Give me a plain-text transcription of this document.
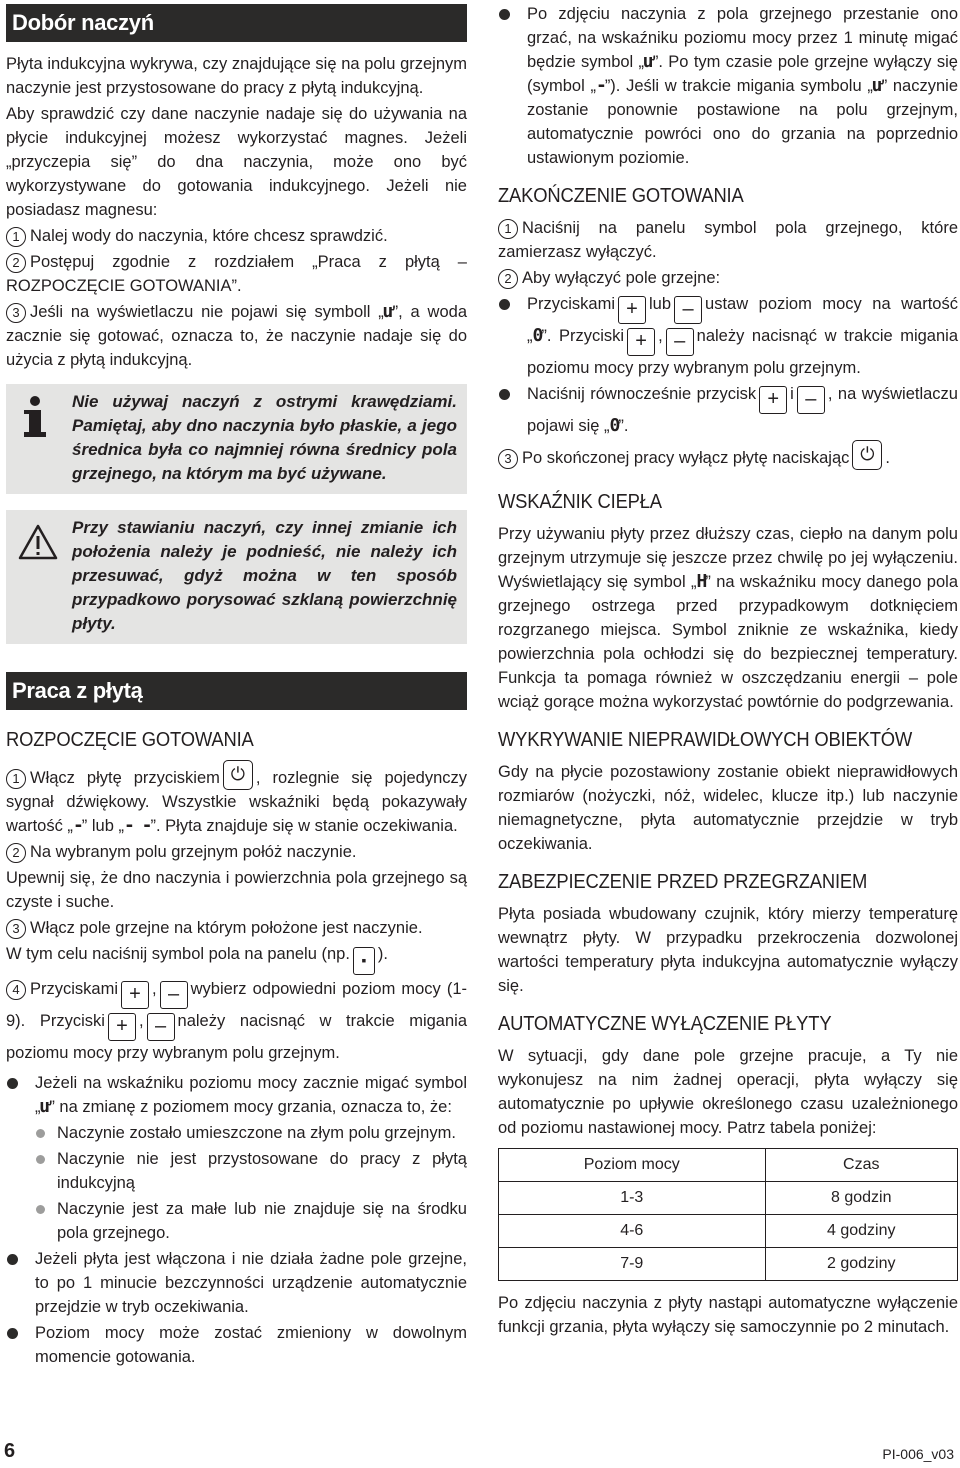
Dobór naczyń

Płyta indukcyjna wykrywa, czy znajdujące się na polu grzejnym naczynie jest przystosowane do pracy z płytą indukcyjną.

Aby sprawdzić czy dane naczynie nadaje się do używania na płycie indukcyjnej możesz wykorzystać magnes. Jeżeli „przyczepia się” do dna naczynia, może ono być wykorzystywane do gotowania indukcyjnego. Jeżeli nie posiadasz magnesu:

1 Nalej wody do naczynia, które chcesz sprawdzić.

2 Postępuj zgodnie z rozdziałem „Praca z płytą – ROZPOCZĘCIE GOTOWANIA”.

3 Jeśli na wyświetlaczu nie pojawi się symboll „ư”, a woda zacznie się gotować, oznacza to, że naczynie nadaje się do użycia z płytą indukcyjną.

Nie używaj naczyń z ostrymi krawędziami. Pamiętaj, aby dno naczynia było płaskie, a jego średnica była co najmniej równa średnicy pola grzejnego, na którym ma być używane.
Przy stawianiu naczyń, czy innej zmianie ich położenia należy je podnieść, nie należy ich przesuwać, gdyż można w ten sposób przypadkowo porysować szklaną powierzchnię płyty.
Praca z płytą
ROZPOCZĘCIE GOTOWANIA

1 Włącz płytę przyciskiem ⏻ , rozlegnie się pojedynczy sygnał dźwiękowy. Wszystkie wskaźniki będą pokazywały wartość „-” lub „- -”. Płyta znajduje się w stanie oczekiwania.

2 Na wybranym polu grzejnym połóż naczynie.

Upewnij się, że dno naczynia i powierzchnia pola grzejnego są czyste i suche.

3 Włącz pole grzejne na którym położone jest naczynie.

W tym celu naciśnij symbol pola na panelu (np. ▪ ).

4 Przyciskami + , – wybierz odpowiedni poziom mocy (1-9). Przyciski + , – należy nacisnąć w trakcie migania poziomu mocy przy wybranym polu grzejnym.

Jeżeli na wskaźniku poziomu mocy zacznie migać symbol „ư” na zmianę z poziomem mocy grzania, oznacza to, że:

Naczynie zostało umieszczone na złym polu grzejnym.

Naczynie nie jest przystosowane do pracy z płytą indukcyjną

Naczynie jest za małe lub nie znajduje się na środku pola grzejnego.

Jeżeli płyta jest włączona i nie działa żadne pole grzejne, to po 1 minucie bezczynności urządzenie automatycznie przejdzie w tryb oczekiwania.

Poziom mocy może zostać zmieniony w dowolnym momencie gotowania.

Po zdjęciu naczynia z pola grzejnego przestanie ono grzać, na wskaźniku poziomu mocy przez 1 minutę migać będzie symbol „ư”. Po tym czasie pole grzejne wyłączy się (symbol „-”). Jeśli w trakcie migania symbolu „ư” naczynie zostanie ponownie postawione na polu grzejnym, automatycznie powróci ono do grzania na poprzednio ustawionym poziomie.

ZAKOŃCZENIE GOTOWANIA

1 Naciśnij na panelu symbol pola grzejnego, które zamierzasz wyłączyć.

2 Aby wyłączyć pole grzejne:

Przyciskami + lub – ustaw poziom mocy na wartość „0”. Przyciski + , – należy nacisnąć w trakcie migania poziomu mocy przy wybranym polu grzejnym.

Naciśnij równocześnie przycisk + i – , na wyświetlaczu pojawi się „0”.

3 Po skończonej pracy wyłącz płytę naciskając ⏻ .

WSKAŹNIK CIEPŁA

Przy używaniu płyty przez dłuższy czas, ciepło na danym polu grzejnym utrzymuje się jeszcze przez chwilę po jej wyłączeniu. Wyświetlający się symbol „H” na wskaźniku mocy danego pola grzejnego ostrzega przed przypadkowym dotknięciem rozgrzanego miejsca. Symbol zniknie ze wskaźnika, kiedy powierzchnia pola ochłodzi się do bezpiecznej temperatury. Funkcja ta pomaga również w oszczędzaniu energii – pole wciąż gorące można wykorzystać powtórnie do podgrzewania.

WYKRYWANIE NIEPRAWIDŁOWYCH OBIEKTÓW

Gdy na płycie pozostawiony zostanie obiekt nieprawidłowych rozmiarów (nożyczki, nóż, widelec, klucze itp.) lub naczynie niemagnetyczne, płyta automatycznie przejdzie w tryb oczekiwania.

ZABEZPIECZENIE PRZED PRZEGRZANIEM

Płyta posiada wbudowany czujnik, który mierzy temperaturę wewnątrz płyty. W przypadku przekroczenia dozwolonej wartości temperatury płyta indukcyjna automatycznie wyłączy się.

AUTOMATYCZNE WYŁĄCZENIE PŁYTY

W sytuacji, gdy dane pole grzejne pracuje, a Ty nie wykonujesz na nim żadnej operacji, płyta wyłączy się automatycznie po upływie określonego czasu uzależnionego od poziomu nastawionej mocy. Patrz tabela poniżej:

Poziom mocy	Czas
1-3	8 godzin
4-6	4 godziny
7-9	2 godziny

Po zdjęciu naczynia z płyty nastąpi automatyczne wyłączenie funkcji grzania, płyta wyłączy się samoczynnie po 2 minutach.

6	PI-006_v03
